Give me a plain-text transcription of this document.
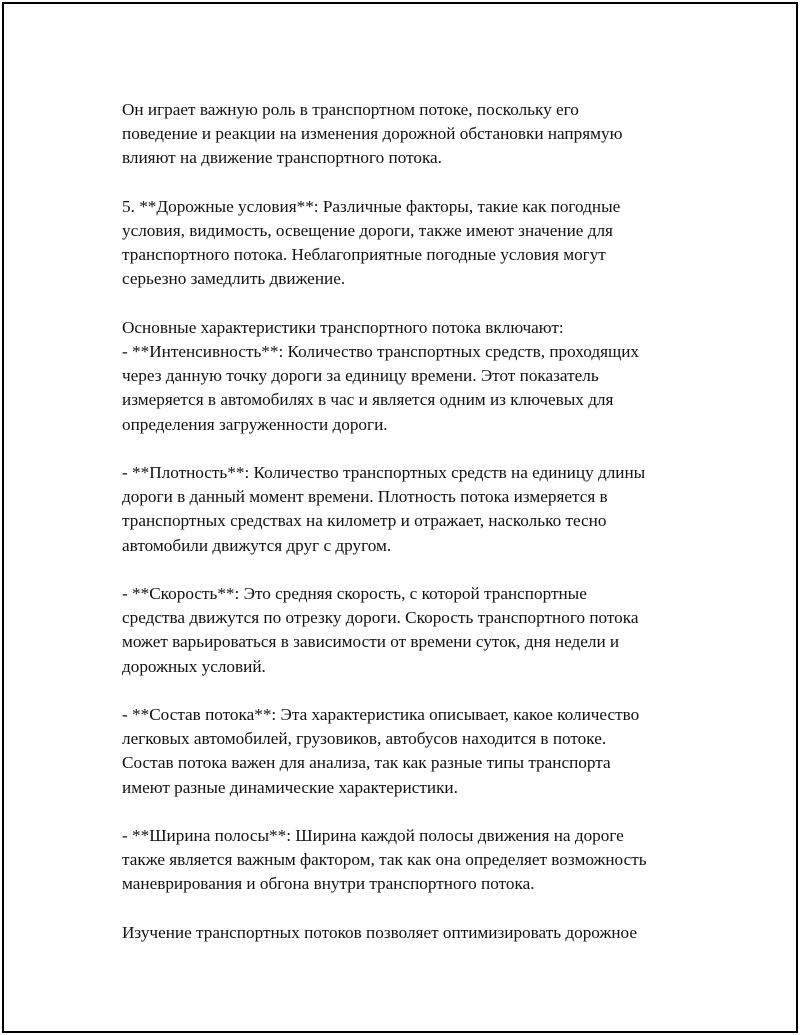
Он играет важную роль в транспортном потоке, поскольку его
поведение и реакции на изменения дорожной обстановки напрямую
влияют на движение транспортного потока.
5. **Дорожные условия**: Различные факторы, такие как погодные
условия, видимость, освещение дороги, также имеют значение для
транспортного потока. Неблагоприятные погодные условия могут
серьезно замедлить движение.
Основные характеристики транспортного потока включают:
- **Интенсивность**: Количество транспортных средств, проходящих
через данную точку дороги за единицу времени. Этот показатель
измеряется в автомобилях в час и является одним из ключевых для
определения загруженности дороги.
- **Плотность**: Количество транспортных средств на единицу длины
дороги в данный момент времени. Плотность потока измеряется в
транспортных средствах на километр и отражает, насколько тесно
автомобили движутся друг с другом.
- **Скорость**: Это средняя скорость, с которой транспортные
средства движутся по отрезку дороги. Скорость транспортного потока
может варьироваться в зависимости от времени суток, дня недели и
дорожных условий.
- **Состав потока**: Эта характеристика описывает, какое количество
легковых автомобилей, грузовиков, автобусов находится в потоке.
Состав потока важен для анализа, так как разные типы транспорта
имеют разные динамические характеристики.
- **Ширина полосы**: Ширина каждой полосы движения на дороге
также является важным фактором, так как она определяет возможность
маневрирования и обгона внутри транспортного потока.
Изучение транспортных потоков позволяет оптимизировать дорожное
